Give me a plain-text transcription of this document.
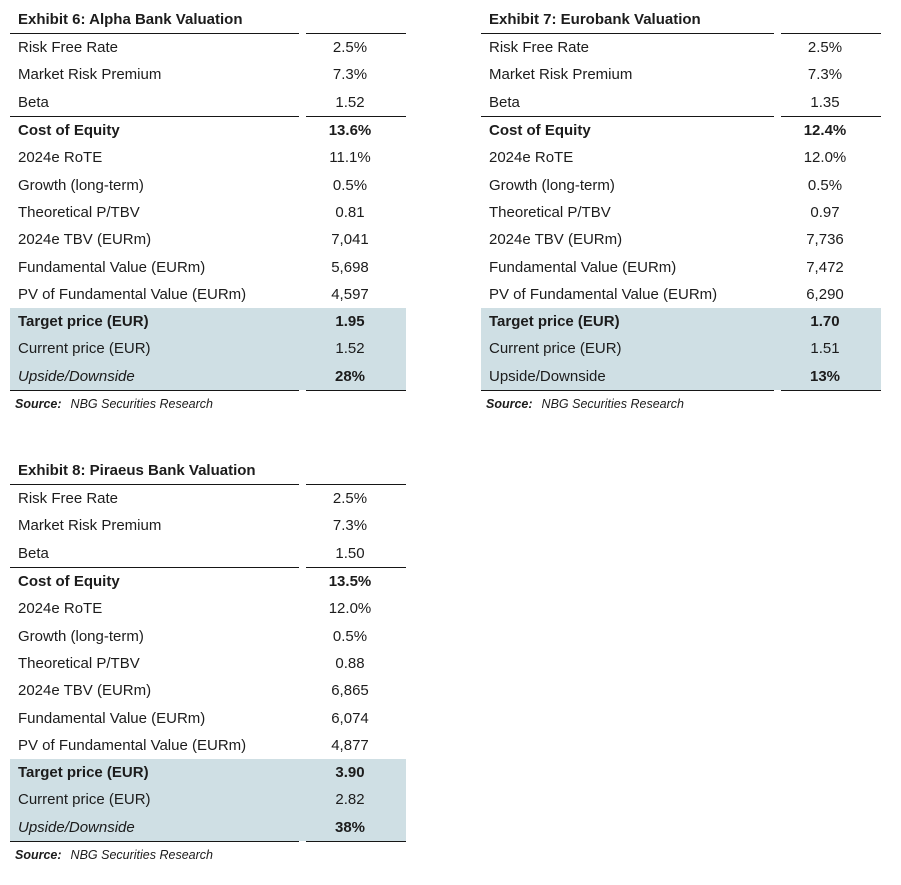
Exhibit 6: Alpha Bank Valuation
Risk Free Rate		2.5%
Market Risk Premium		7.3%
Beta		1.52
Cost of Equity		13.6%
2024e RoTE		11.1%
Growth (long-term)		0.5%
Theoretical P/TBV		0.81
2024e TBV (EURm)		7,041
Fundamental Value (EURm)		5,698
PV of Fundamental Value (EURm)		4,597
Target price (EUR)		1.95
Current price (EUR)		1.52
Upside/Downside		28%
Source: NBG Securities Research
Exhibit 7: Eurobank Valuation
Risk Free Rate		2.5%
Market Risk Premium		7.3%
Beta		1.35
Cost of Equity		12.4%
2024e RoTE		12.0%
Growth (long-term)		0.5%
Theoretical P/TBV		0.97
2024e TBV (EURm)		7,736
Fundamental Value (EURm)		7,472
PV of Fundamental Value (EURm)		6,290
Target price (EUR)		1.70
Current price (EUR)		1.51
Upside/Downside		13%
Source: NBG Securities Research
Exhibit 8: Piraeus Bank Valuation
Risk Free Rate		2.5%
Market Risk Premium		7.3%
Beta		1.50
Cost of Equity		13.5%
2024e RoTE		12.0%
Growth (long-term)		0.5%
Theoretical P/TBV		0.88
2024e TBV (EURm)		6,865
Fundamental Value (EURm)		6,074
PV of Fundamental Value (EURm)		4,877
Target price (EUR)		3.90
Current price (EUR)		2.82
Upside/Downside		38%
Source: NBG Securities Research
